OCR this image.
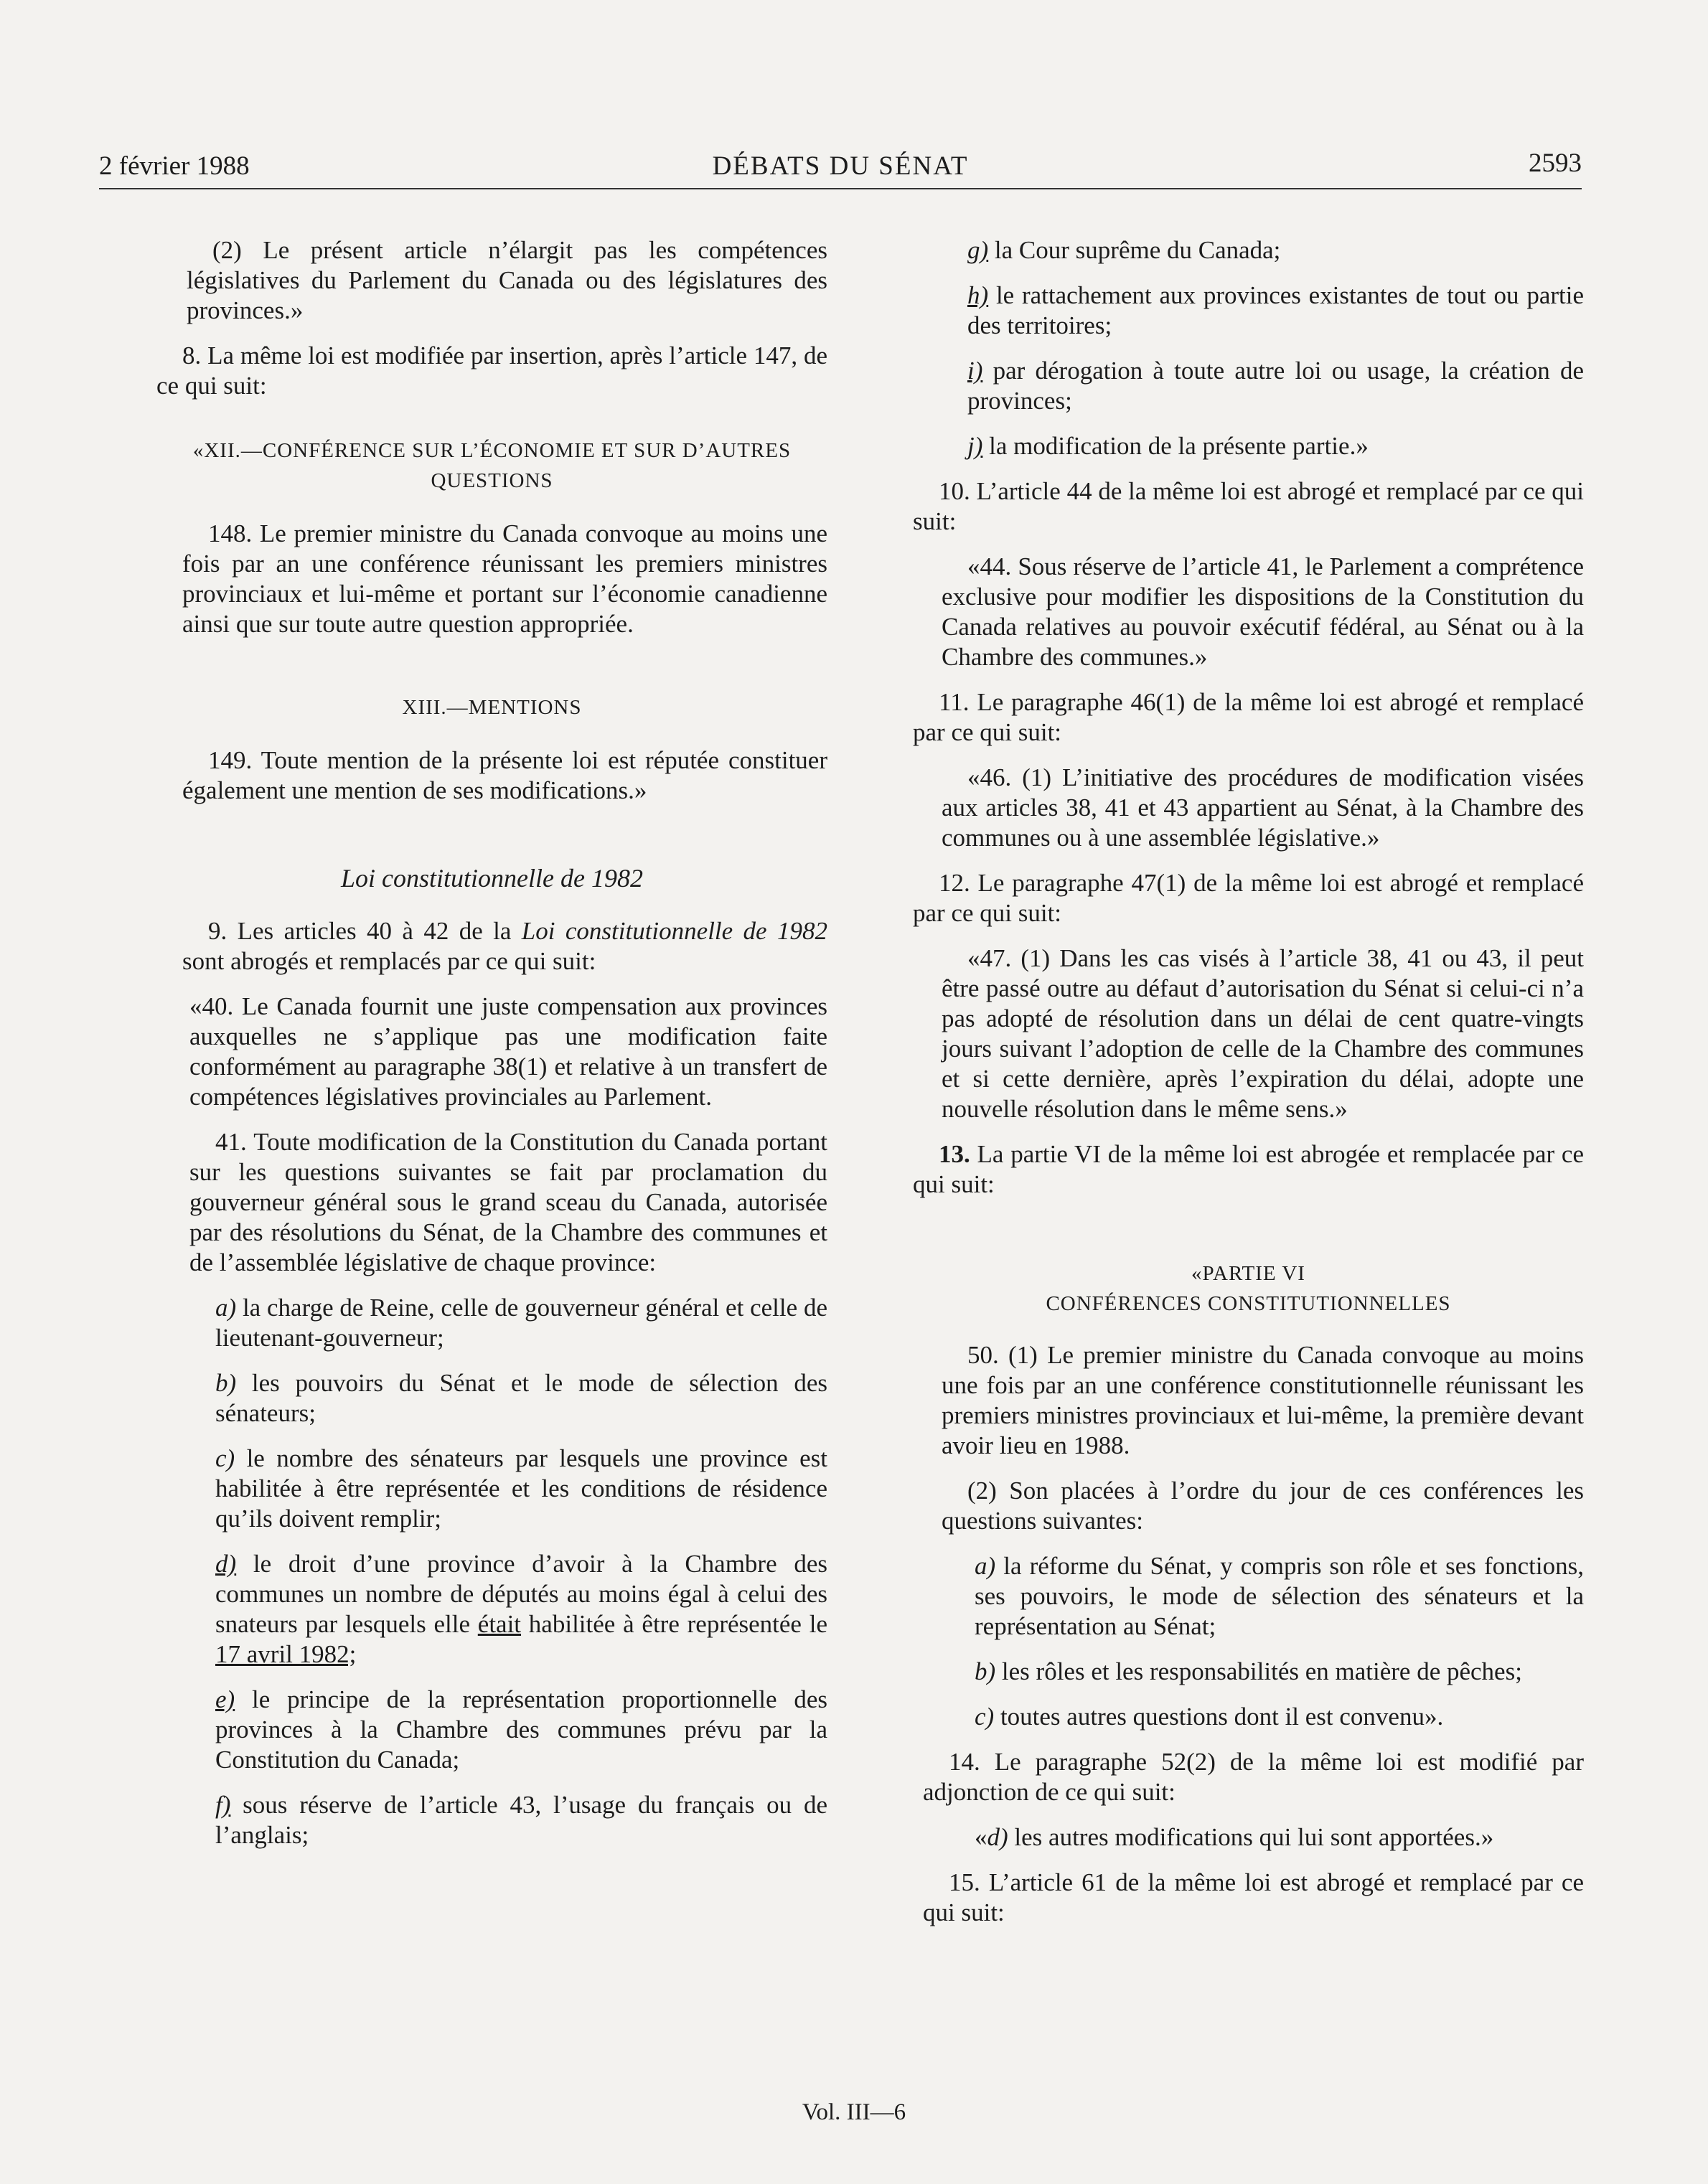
2 février 1988	DÉBATS DU SÉNAT	2593

(2) Le présent article n’élargit pas les compétences législatives du Parlement du Canada ou des législatures des provinces.»

8. La même loi est modifiée par insertion, après l’article 147, de ce qui suit:

«XII.—CONFÉRENCE SUR L’ÉCONOMIE ET SUR D’AUTRES QUESTIONS

148. Le premier ministre du Canada convoque au moins une fois par an une conférence réunissant les premiers ministres provinciaux et lui-même et portant sur l’économie canadienne ainsi que sur toute autre question appropriée.

XIII.—MENTIONS

149. Toute mention de la présente loi est réputée constituer également une mention de ses modifications.»

Loi constitutionnelle de 1982

9. Les articles 40 à 42 de la Loi constitutionnelle de 1982 sont abrogés et remplacés par ce qui suit:

«40. Le Canada fournit une juste compensation aux provinces auxquelles ne s’applique pas une modification faite conformément au paragraphe 38(1) et relative à un transfert de compétences législatives provinciales au Parlement.

41. Toute modification de la Constitution du Canada portant sur les questions suivantes se fait par proclamation du gouverneur général sous le grand sceau du Canada, autorisée par des résolutions du Sénat, de la Chambre des communes et de l’assemblée législative de chaque province:

a) la charge de Reine, celle de gouverneur général et celle de lieutenant-gouverneur;

b) les pouvoirs du Sénat et le mode de sélection des sénateurs;

c) le nombre des sénateurs par lesquels une province est habilitée à être représentée et les conditions de résidence qu’ils doivent remplir;

d) le droit d’une province d’avoir à la Chambre des communes un nombre de députés au moins égal à celui des snateurs par lesquels elle était habilitée à être représentée le 17 avril 1982;

e) le principe de la représentation proportionnelle des provinces à la Chambre des communes prévu par la Constitution du Canada;

f) sous réserve de l’article 43, l’usage du français ou de l’anglais;

g) la Cour suprême du Canada;

h) le rattachement aux provinces existantes de tout ou partie des territoires;

i) par dérogation à toute autre loi ou usage, la création de provinces;

j) la modification de la présente partie.»

10. L’article 44 de la même loi est abrogé et remplacé par ce qui suit:

«44. Sous réserve de l’article 41, le Parlement a comprétence exclusive pour modifier les dispositions de la Constitution du Canada relatives au pouvoir exécutif fédéral, au Sénat ou à la Chambre des communes.»

11. Le paragraphe 46(1) de la même loi est abrogé et remplacé par ce qui suit:

«46. (1) L’initiative des procédures de modification visées aux articles 38, 41 et 43 appartient au Sénat, à la Chambre des communes ou à une assemblée législative.»

12. Le paragraphe 47(1) de la même loi est abrogé et remplacé par ce qui suit:

«47. (1) Dans les cas visés à l’article 38, 41 ou 43, il peut être passé outre au défaut d’autorisation du Sénat si celui-ci n’a pas adopté de résolution dans un délai de cent quatre-vingts jours suivant l’adoption de celle de la Chambre des communes et si cette dernière, après l’expiration du délai, adopte une nouvelle résolution dans le même sens.»

13. La partie VI de la même loi est abrogée et remplacée par ce qui suit:

«PARTIE VI

CONFÉRENCES CONSTITUTIONNELLES

50. (1) Le premier ministre du Canada convoque au moins une fois par an une conférence constitutionnelle réunissant les premiers ministres provinciaux et lui-même, la première devant avoir lieu en 1988.

(2) Son placées à l’ordre du jour de ces conférences les questions suivantes:

a) la réforme du Sénat, y compris son rôle et ses fonctions, ses pouvoirs, le mode de sélection des sénateurs et la représentation au Sénat;

b) les rôles et les responsabilités en matière de pêches;

c) toutes autres questions dont il est convenu».

14. Le paragraphe 52(2) de la même loi est modifié par adjonction de ce qui suit:

«d) les autres modifications qui lui sont apportées.»

15. L’article 61 de la même loi est abrogé et remplacé par ce qui suit:

Vol. III—6
